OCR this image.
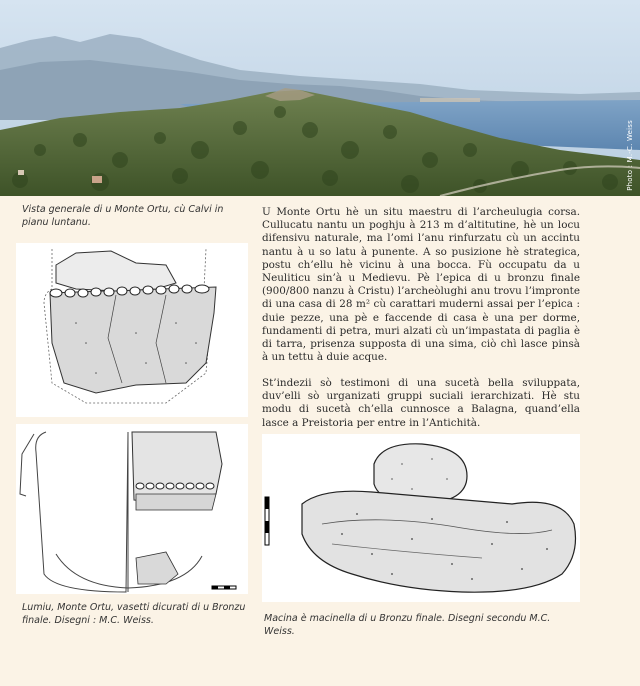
Photo : M.-C. Weiss
Vista generale di u Monte Ortu, cù Calvi in pianu luntanu.
U Monte Ortu hè un situ maestru di l’archeulugia corsa. Cullucatu nantu un poghju à 213 m d’altitutine, hè un locu difensivu naturale, ma l’omi l’anu rinfurzatu cù un accintu nantu à u so latu à punente. A so pusizione hè strategica, postu ch’ellu hè vicinu à una bocca. Fù occupatu da u Neuliticu sin’à u Medievu. Pè l’epica di u bronzu finale (900/800 nanzu à Cristu) l’archeòlughi anu trovu l’impronte di una casa di 28 m² cù carattari muderni assai per l’epica : duie pezze, una pè e faccende di casa è una per dorme, fundamenti di petra, muri alzati cù un’impastata di paglia è di tarra, prisenza supposta di una sima, ciò chì lasce pinsà à un tettu à duie acque.
St’indezii sò testimoni di una sucetà bella sviluppata, duv’elli sò urganizati gruppi suciali ierarchizati. Hè stu modu di sucetà ch’ella cunnosce a Balagna, quand’ella lasce a Preistoria per entre in l’Antichità.
Lumiu, Monte Ortu, vasetti dicurati di u Bronzu finale. Disegni : M.C. Weiss.	Macina è macinella di u Bronzu finale. Disegni secondu M.C. Weiss.
